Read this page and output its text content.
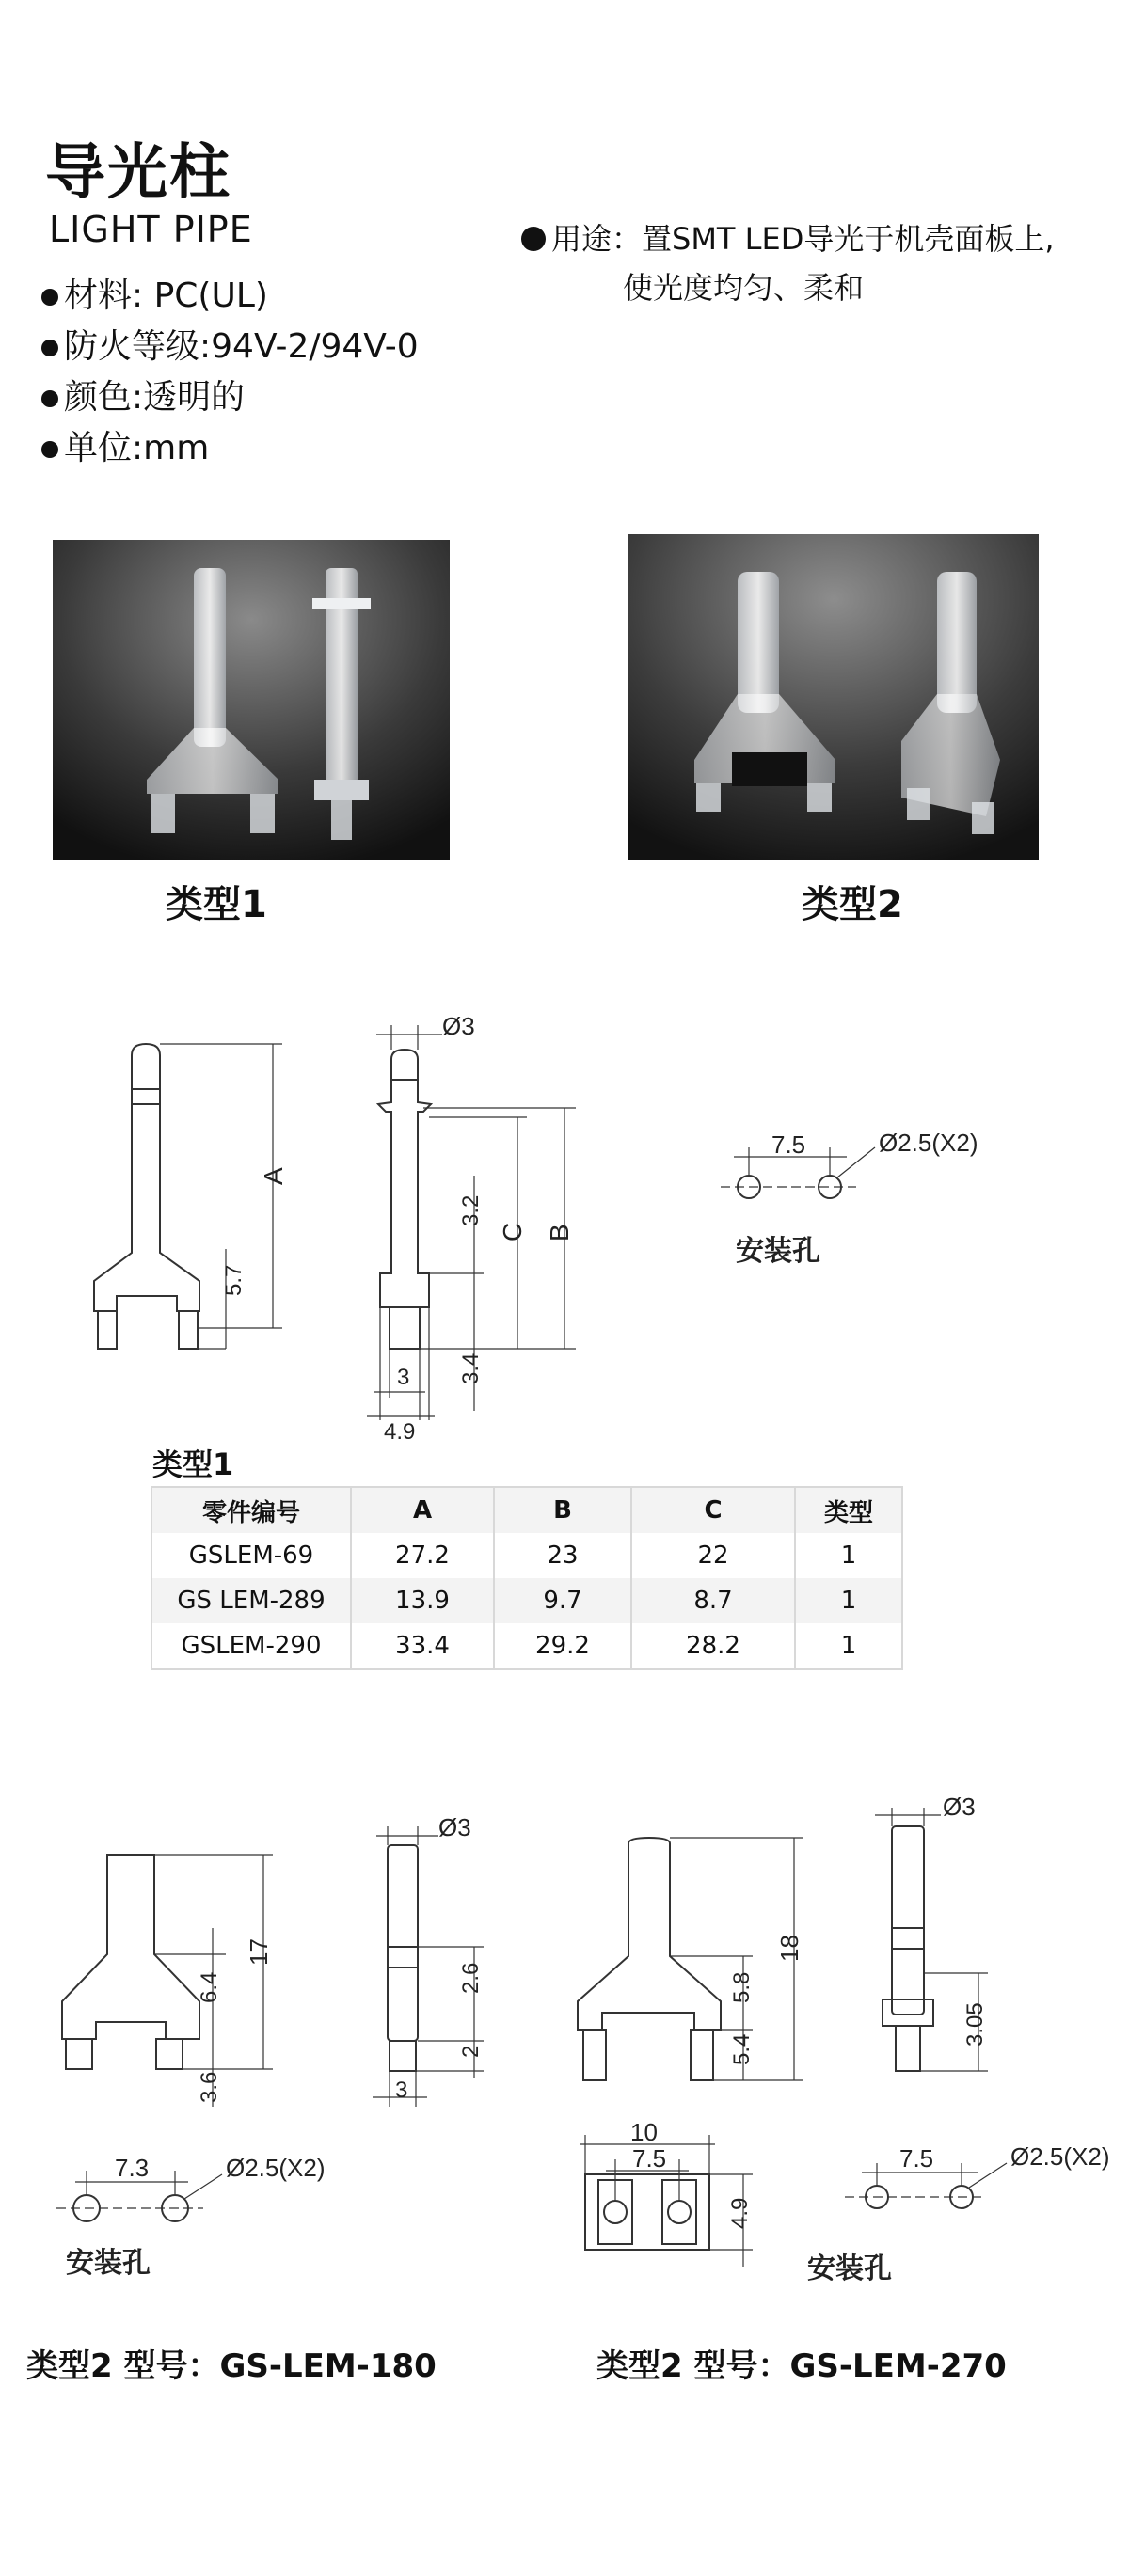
导光柱
LIGHT PIPE
材料: PC(UL)
防火等级:94V-2/94V-0
颜色:透明的
单位:mm
用途：置SMT LED导光于机壳面板上,
使光度均匀、柔和
类型1	类型2
A
5.7
Ø3
B
C
3.2
3.4
3
4.9
7.5	Ø2.5(X2)
安装孔
类型1
零件编号	A	B	C	类型
GSLEM-69	27.2	23	22	1
GS LEM-289	13.9	9.7	8.7	1
GSLEM-290	33.4	29.2	28.2	1
6.4
17
3.6
Ø3
2.6
2
3
7.3	Ø2.5(X2)
安装孔
5.8
18
5.4
Ø3
3.05
10
7.5
4.9
7.5	Ø2.5(X2)
安装孔
类型2 型号：GS-LEM-180	类型2 型号：GS-LEM-270
